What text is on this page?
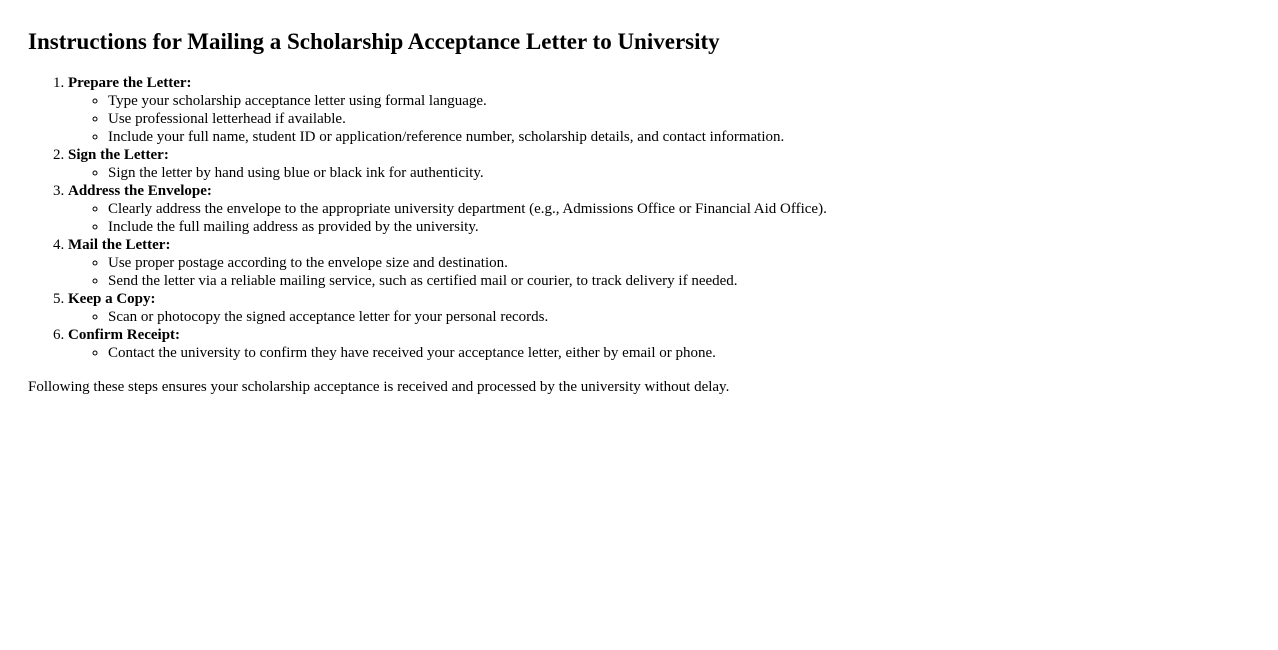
Instructions for Mailing a Scholarship Acceptance Letter to University
1. Prepare the Letter:
◦ Type your scholarship acceptance letter using formal language.
◦ Use professional letterhead if available.
◦ Include your full name, student ID or application/reference number, scholarship details, and contact information.
2. Sign the Letter:
◦ Sign the letter by hand using blue or black ink for authenticity.
3. Address the Envelope:
◦ Clearly address the envelope to the appropriate university department (e.g., Admissions Office or Financial Aid Office).
◦ Include the full mailing address as provided by the university.
4. Mail the Letter:
◦ Use proper postage according to the envelope size and destination.
◦ Send the letter via a reliable mailing service, such as certified mail or courier, to track delivery if needed.
5. Keep a Copy:
◦ Scan or photocopy the signed acceptance letter for your personal records.
6. Confirm Receipt:
◦ Contact the university to confirm they have received your acceptance letter, either by email or phone.

Following these steps ensures your scholarship acceptance is received and processed by the university without delay.
